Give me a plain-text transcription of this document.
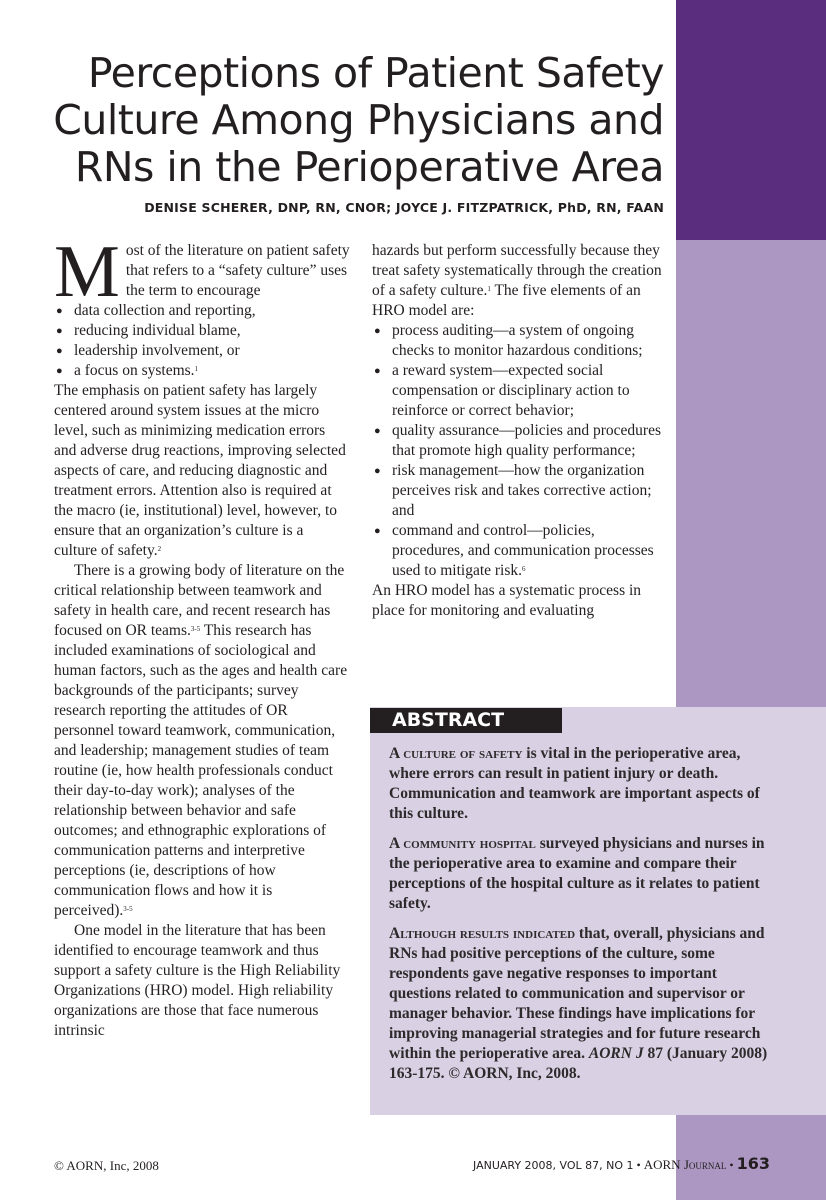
Perceptions of Patient Safety
Culture Among Physicians and
RNs in the Perioperative Area
DENISE SCHERER, DNP, RN, CNOR; JOYCE J. FITZPATRICK, PhD, RN, FAAN
M ost of the literature on patient safety that refers to a “safety culture” uses the term to encourage

● data collection and reporting,
● reducing individual blame,
● leadership involvement, or
● a focus on systems.$^1$

The emphasis on patient safety has largely centered around system issues at the micro level, such as minimizing medication errors and adverse drug reactions, improving selected aspects of care, and reducing diagnostic and treatment errors. Attention also is required at the macro (ie, institutional) level, however, to ensure that an organization’s culture is a culture of safety.$^2$

There is a growing body of literature on the critical relationship between teamwork and safety in health care, and recent research has focused on OR teams.$^{3-5}$ This research has included examinations of sociological and human factors, such as the ages and health care backgrounds of the participants; survey research reporting the attitudes of OR personnel toward teamwork, communication, and leadership; management studies of team routine (ie, how health professionals conduct their day-to-day work); analyses of the relationship between behavior and safe outcomes; and ethnographic explorations of communication patterns and interpretive perceptions (ie, descriptions of how communication flows and how it is perceived).$^{3-5}$

One model in the literature that has been identified to encourage teamwork and thus support a safety culture is the High Reliability Organizations (HRO) model. High reliability organizations are those that face numerous intrinsic

hazards but perform successfully because they treat safety systematically through the creation of a safety culture.$^1$ The five elements of an HRO model are:

● process auditing—a system of ongoing checks to monitor hazardous conditions;
● a reward system—expected social compensation or disciplinary action to reinforce or correct behavior;
● quality assurance—policies and procedures that promote high quality performance;
● risk management—how the organization perceives risk and takes corrective action; and
● command and control—policies, procedures, and communication processes used to mitigate risk.$^6$

An HRO model has a systematic process in place for monitoring and evaluating

ABSTRACT

A culture of safety is vital in the perioperative area, where errors can result in patient injury or death. Communication and teamwork are important aspects of this culture.

A community hospital surveyed physicians and nurses in the perioperative area to examine and compare their perceptions of the hospital culture as it relates to patient safety.

Although results indicated that, overall, physicians and RNs had positive perceptions of the culture, some respondents gave negative responses to important questions related to communication and supervisor or manager behavior. These findings have implications for improving managerial strategies and for future research within the perioperative area. AORN J 87 (January 2008) 163-175. © AORN, Inc, 2008.

© AORN, Inc, 2008	JANUARY 2008, VOL 87, NO 1 • AORN Journal • 163
